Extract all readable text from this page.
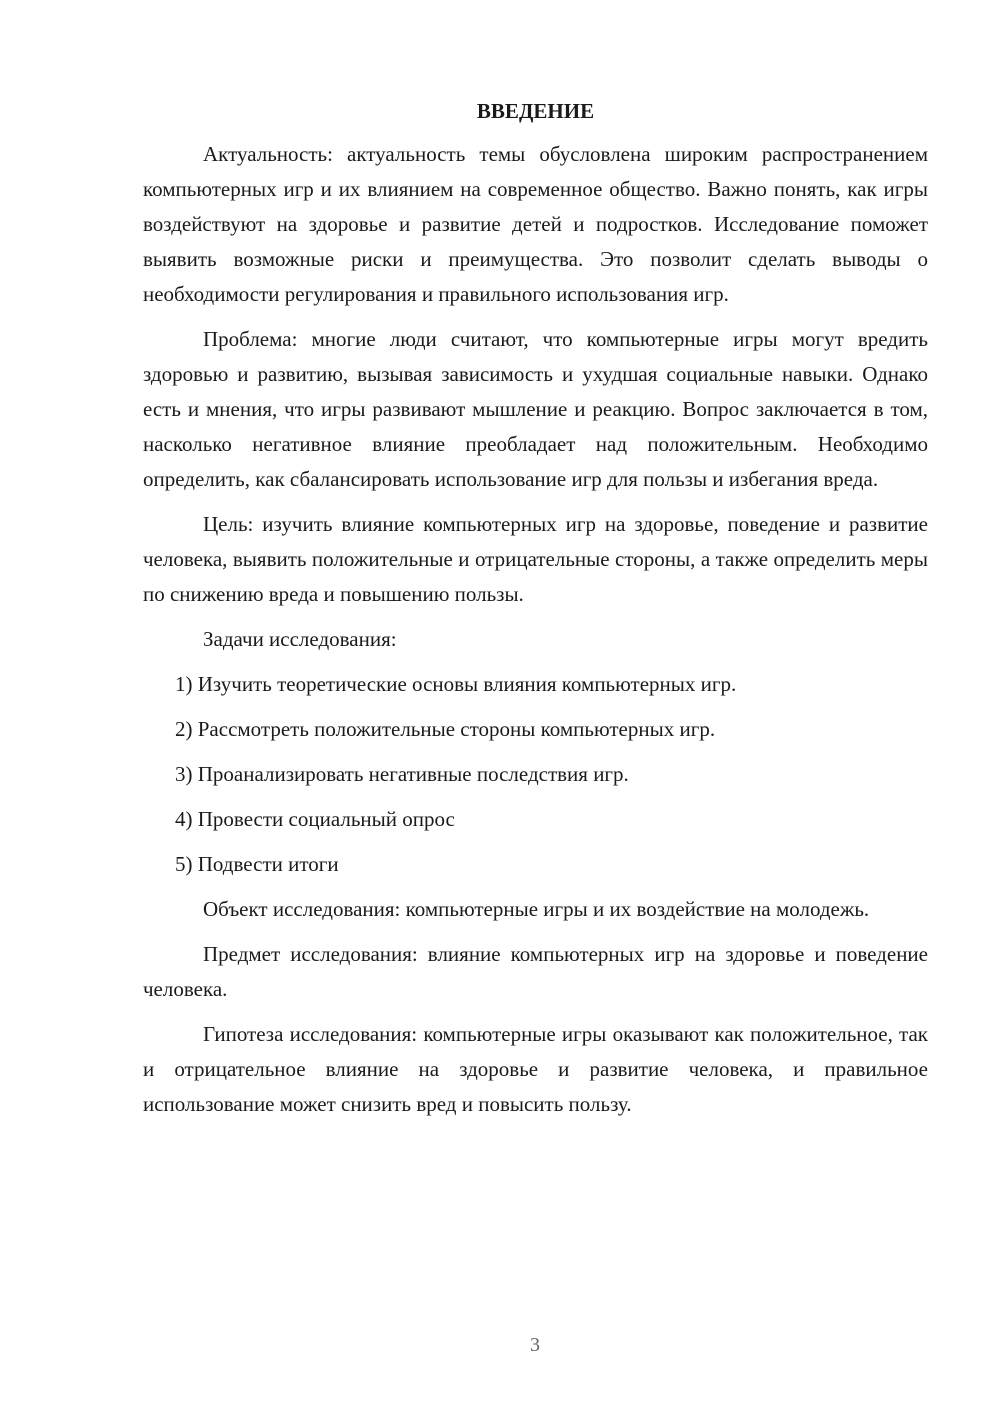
ВВЕДЕНИЕ

Актуальность: актуальность темы обусловлена широким распространением компьютерных игр и их влиянием на современное общество. Важно понять, как игры воздействуют на здоровье и развитие детей и подростков. Исследование поможет выявить возможные риски и преимущества. Это позволит сделать выводы о необходимости регулирования и правильного использования игр.

Проблема: многие люди считают, что компьютерные игры могут вредить здоровью и развитию, вызывая зависимость и ухудшая социальные навыки. Однако есть и мнения, что игры развивают мышление и реакцию. Вопрос заключается в том, насколько негативное влияние преобладает над положительным. Необходимо определить, как сбалансировать использование игр для пользы и избегания вреда.

Цель: изучить влияние компьютерных игр на здоровье, поведение и развитие человека, выявить положительные и отрицательные стороны, а также определить меры по снижению вреда и повышению пользы.

Задачи исследования:

1) Изучить теоретические основы влияния компьютерных игр.
2) Рассмотреть положительные стороны компьютерных игр.
3) Проанализировать негативные последствия игр.
4) Провести социальный опрос
5) Подвести итоги

Объект исследования: компьютерные игры и их воздействие на молодежь.

Предмет исследования: влияние компьютерных игр на здоровье и поведение человека.

Гипотеза исследования: компьютерные игры оказывают как положительное, так и отрицательное влияние на здоровье и развитие человека, и правильное использование может снизить вред и повысить пользу.

3
